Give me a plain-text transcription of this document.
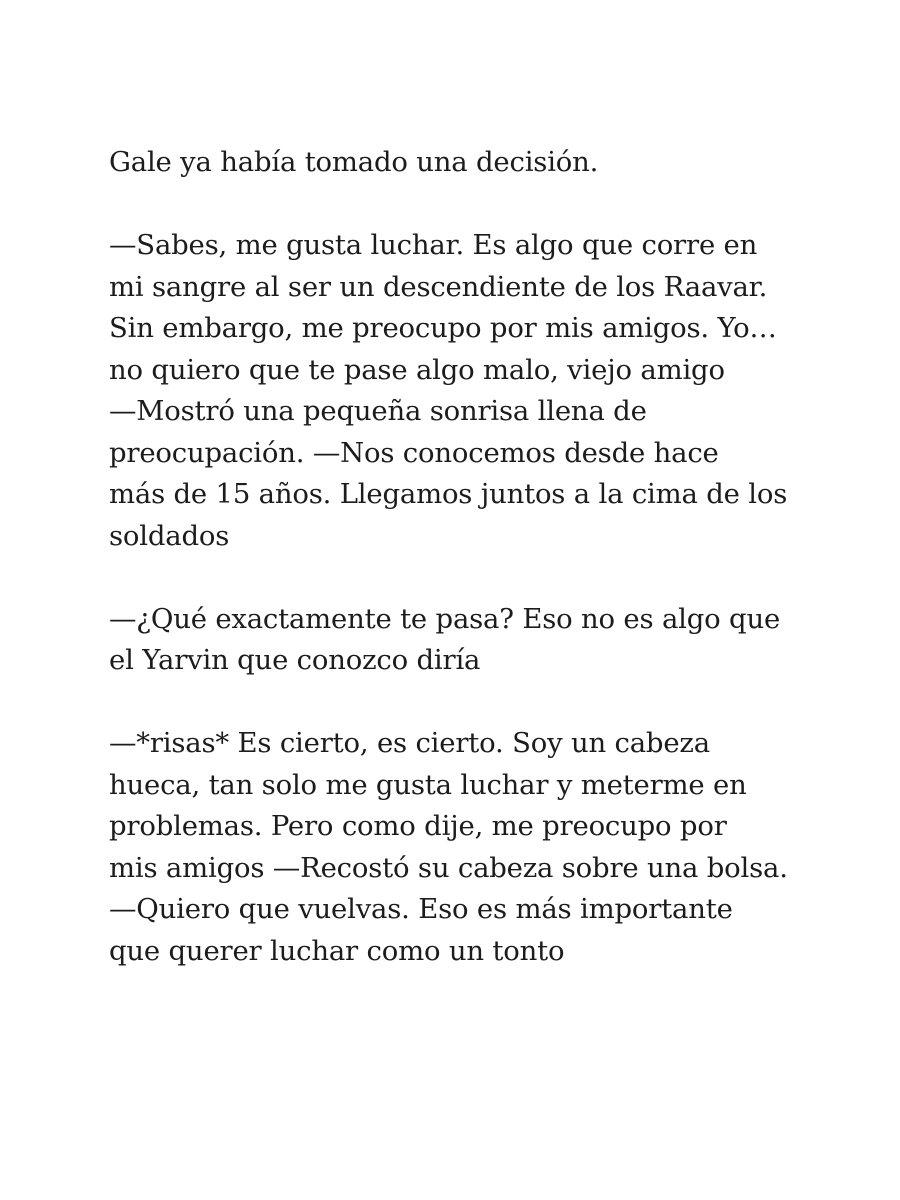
Gale ya había tomado una decisión.

—Sabes, me gusta luchar. Es algo que corre en
mi sangre al ser un descendiente de los Raavar.
Sin embargo, me preocupo por mis amigos. Yo…
no quiero que te pase algo malo, viejo amigo
—Mostró una pequeña sonrisa llena de
preocupación. —Nos conocemos desde hace
más de 15 años. Llegamos juntos a la cima de los
soldados

—¿Qué exactamente te pasa? Eso no es algo que
el Yarvin que conozco diría

—*risas* Es cierto, es cierto. Soy un cabeza
hueca, tan solo me gusta luchar y meterme en
problemas. Pero como dije, me preocupo por
mis amigos —Recostó su cabeza sobre una bolsa.
—Quiero que vuelvas. Eso es más importante
que querer luchar como un tonto
